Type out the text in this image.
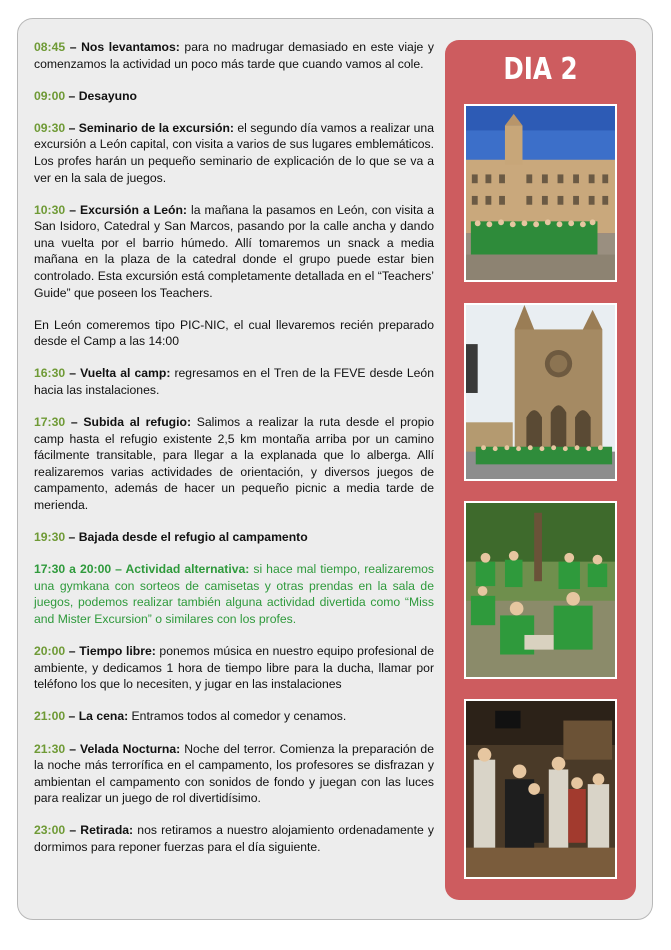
08:45 – Nos levantamos: para no madrugar demasiado en este viaje y comenzamos la actividad un poco más tarde que cuando vamos al cole.

09:00 – Desayuno

09:30 – Seminario de la excursión: el segundo día vamos a realizar una excursión a León capital, con visita a varios de sus lugares emblemáticos. Los profes harán un pequeño seminario de explicación de lo que se va a ver en la sala de juegos.

10:30 – Excursión a León: la mañana la pasamos en León, con visita a San Isidoro, Catedral y San Marcos, pasando por la calle ancha y dando una vuelta por el barrio húmedo. Allí tomaremos un snack a media mañana en la plaza de la catedral donde el grupo puede estar bien controlado. Esta excursión está completamente detallada en el “Teachers’ Guide” que poseen los Teachers.

En León comeremos tipo PIC-NIC, el cual llevaremos recién preparado desde el Camp a las 14:00

16:30 – Vuelta al camp: regresamos en el Tren de la FEVE desde León hacia las instalaciones.

17:30 – Subida al refugio: Salimos a realizar la ruta desde el propio camp hasta el refugio existente 2,5 km montaña arriba por un camino fácilmente transitable, para llegar a la explanada que lo alberga. Allí realizaremos varias actividades de orientación, y diversos juegos de campamento, además de hacer un pequeño picnic a media tarde de merienda.

19:30 – Bajada desde el refugio al campamento

17:30 a 20:00 – Actividad alternativa: si hace mal tiempo, realizaremos una gymkana con sorteos de camisetas y otras prendas en la sala de juegos, podemos realizar también alguna actividad divertida como “Miss and Mister Excursion” o similares con los profes.

20:00 – Tiempo libre: ponemos música en nuestro equipo profesional de ambiente, y dedicamos 1 hora de tiempo libre para la ducha, llamar por teléfono los que lo necesiten, y jugar en las instalaciones

21:00 – La cena: Entramos todos al comedor y cenamos.

21:30 – Velada Nocturna: Noche del terror. Comienza la preparación de la noche más terrorífica en el campamento, los profesores se disfrazan y ambientan el campamento con sonidos de fondo y juegan con las luces para realizar un juego de rol divertidísimo.

23:00 – Retirada: nos retiramos a nuestro alojamiento ordenadamente y dormimos para reponer fuerzas para el día siguiente.

DIA 2
